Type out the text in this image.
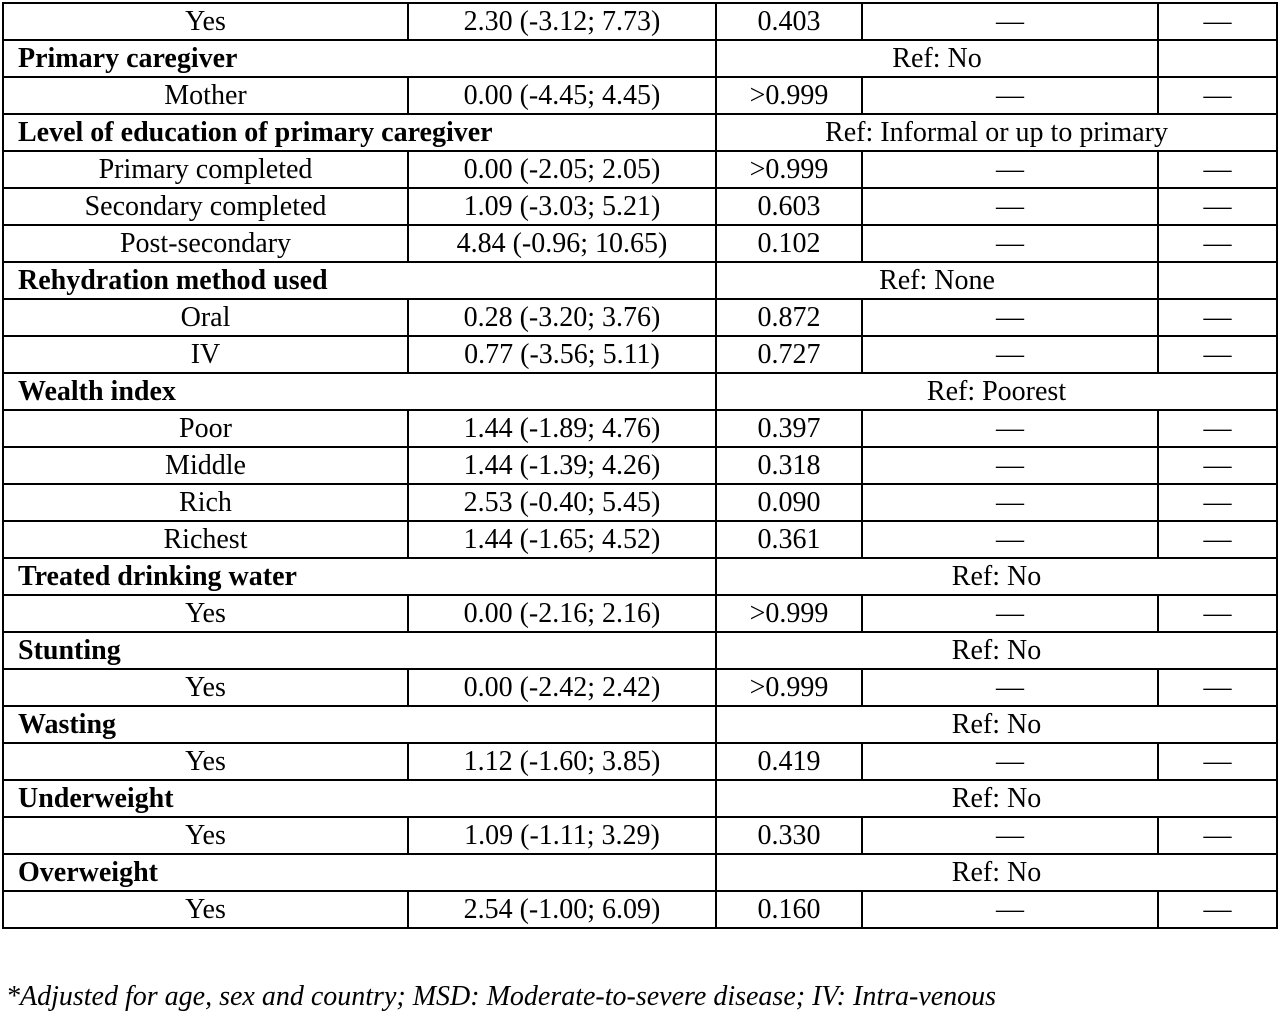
Yes	2.30 (-3.12; 7.73)	0.403	—	—
Primary caregiver		Ref: No		
Mother	0.00 (-4.45; 4.45)	>0.999	—	—
Level of education of primary caregiver		Ref: Informal or up to primary		
Primary completed	0.00 (-2.05; 2.05)	>0.999	—	—
Secondary completed	1.09 (-3.03; 5.21)	0.603	—	—
Post-secondary	4.84 (-0.96; 10.65)	0.102	—	—
Rehydration method used		Ref: None		
Oral	0.28 (-3.20; 3.76)	0.872	—	—
IV	0.77 (-3.56; 5.11)	0.727	—	—
Wealth index		Ref: Poorest		
Poor	1.44 (-1.89; 4.76)	0.397	—	—
Middle	1.44 (-1.39; 4.26)	0.318	—	—
Rich	2.53 (-0.40; 5.45)	0.090	—	—
Richest	1.44 (-1.65; 4.52)	0.361	—	—
Treated drinking water		Ref: No		
Yes	0.00 (-2.16; 2.16)	>0.999	—	—
Stunting		Ref: No		
Yes	0.00 (-2.42; 2.42)	>0.999	—	—
Wasting		Ref: No		
Yes	1.12 (-1.60; 3.85)	0.419	—	—
Underweight		Ref: No		
Yes	1.09 (-1.11; 3.29)	0.330	—	—
Overweight		Ref: No		
Yes	2.54 (-1.00; 6.09)	0.160	—	—
*Adjusted for age, sex and country; MSD: Moderate-to-severe disease; IV: Intra-venous
